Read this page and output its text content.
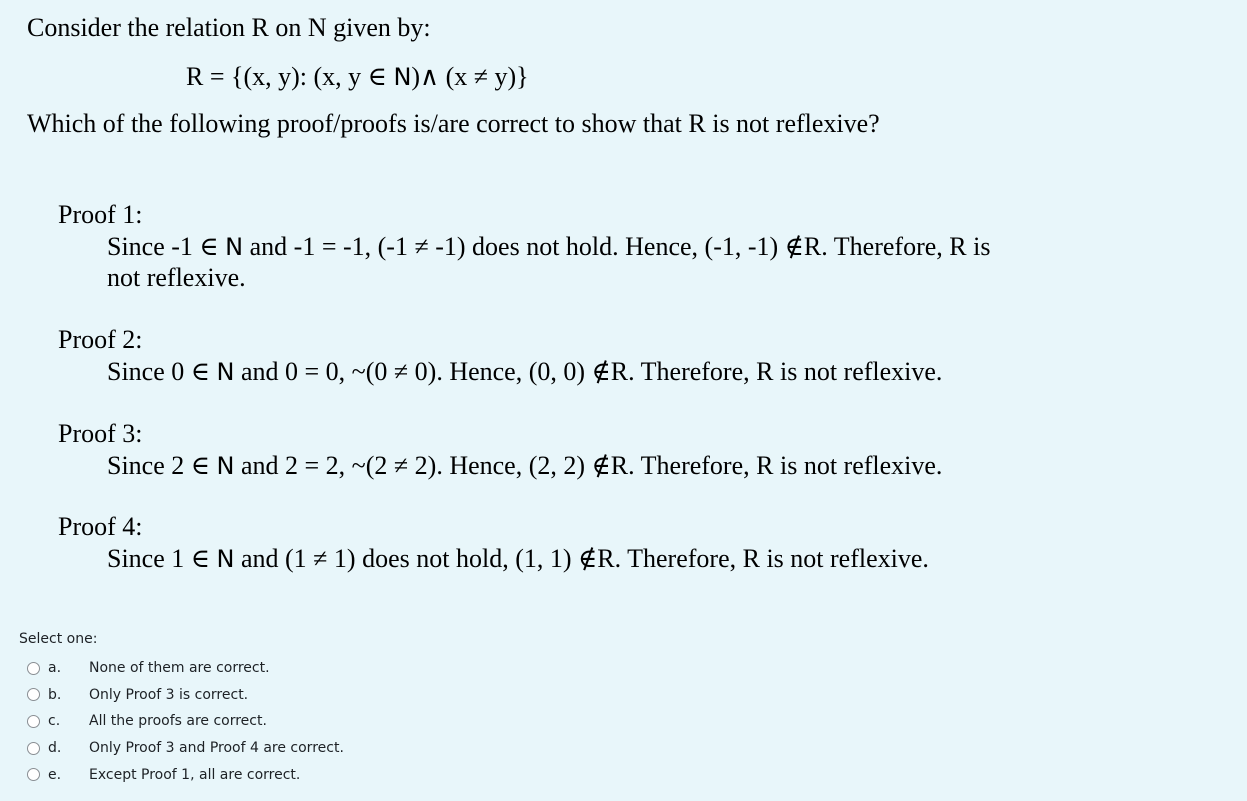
Consider the relation R on N given by:
R = {(x, y): (x, y ∈ N)∧ (x ≠ y)}
Which of the following proof/proofs is/are correct to show that R is not reflexive?
Proof 1:
Since -1 ∈ N and -1 = -1, (-1 ≠ -1) does not hold. Hence, (-1, -1) ∉R. Therefore, R is
not reflexive.
Proof 2:
Since 0 ∈ N and 0 = 0, ~(0 ≠ 0). Hence, (0, 0) ∉R. Therefore, R is not reflexive.
Proof 3:
Since 2 ∈ N and 2 = 2, ~(2 ≠ 2). Hence, (2, 2) ∉R. Therefore, R is not reflexive.
Proof 4:
Since 1 ∈ N and (1 ≠ 1) does not hold, (1, 1) ∉R. Therefore, R is not reflexive.
Select one:
a.	None of them are correct.
b.	Only Proof 3 is correct.
c.	All the proofs are correct.
d.	Only Proof 3 and Proof 4 are correct.
e.	Except Proof 1, all are correct.
